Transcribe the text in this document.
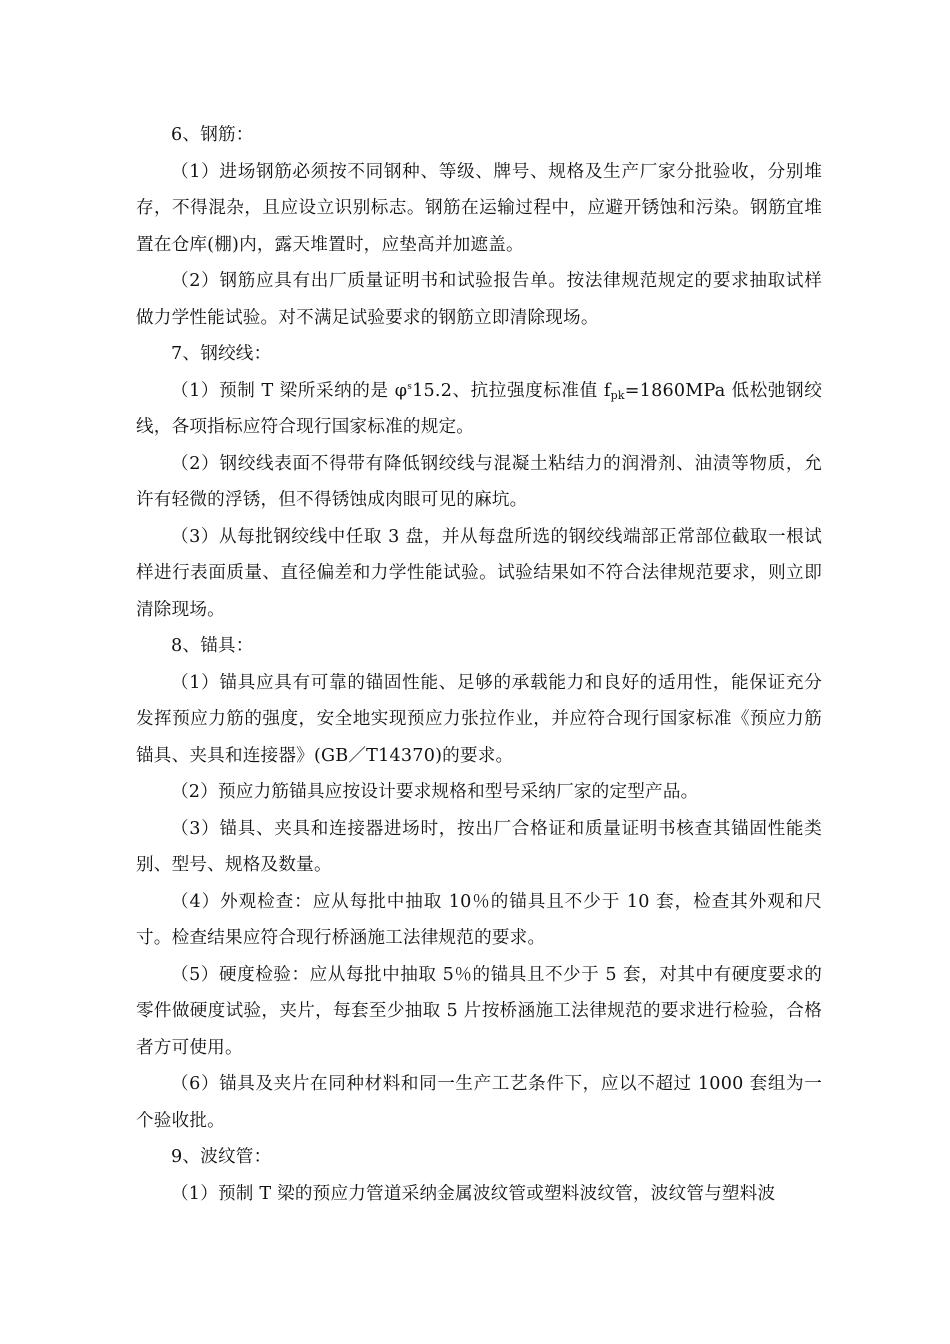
6、钢筋：

（1）进场钢筋必须按不同钢种、等级、牌号、规格及生产厂家分批验收，分别堆存，不得混杂，且应设立识别标志。钢筋在运输过程中，应避开锈蚀和污染。钢筋宜堆置在仓库(棚)内，露天堆置时，应垫高并加遮盖。

（2）钢筋应具有出厂质量证明书和试验报告单。按法律规范规定的要求抽取试样做力学性能试验。对不满足试验要求的钢筋立即清除现场。

7、钢绞线：

（1）预制 T 梁所采纳的是 $\varphi^s15.2$、抗拉强度标准值 $f_{pk}=1860MPa$ 低松弛钢绞线，各项指标应符合现行国家标准的规定。

（2）钢绞线表面不得带有降低钢绞线与混凝土粘结力的润滑剂、油渍等物质，允许有轻微的浮锈，但不得锈蚀成肉眼可见的麻坑。

（3）从每批钢绞线中任取 3 盘，并从每盘所选的钢绞线端部正常部位截取一根试样进行表面质量、直径偏差和力学性能试验。试验结果如不符合法律规范要求，则立即清除现场。

8、锚具：

（1）锚具应具有可靠的锚固性能、足够的承载能力和良好的适用性，能保证充分发挥预应力筋的强度，安全地实现预应力张拉作业，并应符合现行国家标准《预应力筋锚具、夹具和连接器》(GB／T14370)的要求。

（2）预应力筋锚具应按设计要求规格和型号采纳厂家的定型产品。

（3）锚具、夹具和连接器进场时，按出厂合格证和质量证明书核查其锚固性能类别、型号、规格及数量。

（4）外观检查：应从每批中抽取 10％的锚具且不少于 10 套，检查其外观和尺寸。检查结果应符合现行桥涵施工法律规范的要求。

（5）硬度检验：应从每批中抽取 5％的锚具且不少于 5 套，对其中有硬度要求的零件做硬度试验，夹片，每套至少抽取 5 片按桥涵施工法律规范的要求进行检验，合格者方可使用。

（6）锚具及夹片在同种材料和同一生产工艺条件下，应以不超过 1000 套组为一个验收批。

9、波纹管：

（1）预制 T 梁的预应力管道采纳金属波纹管或塑料波纹管，波纹管与塑料波
